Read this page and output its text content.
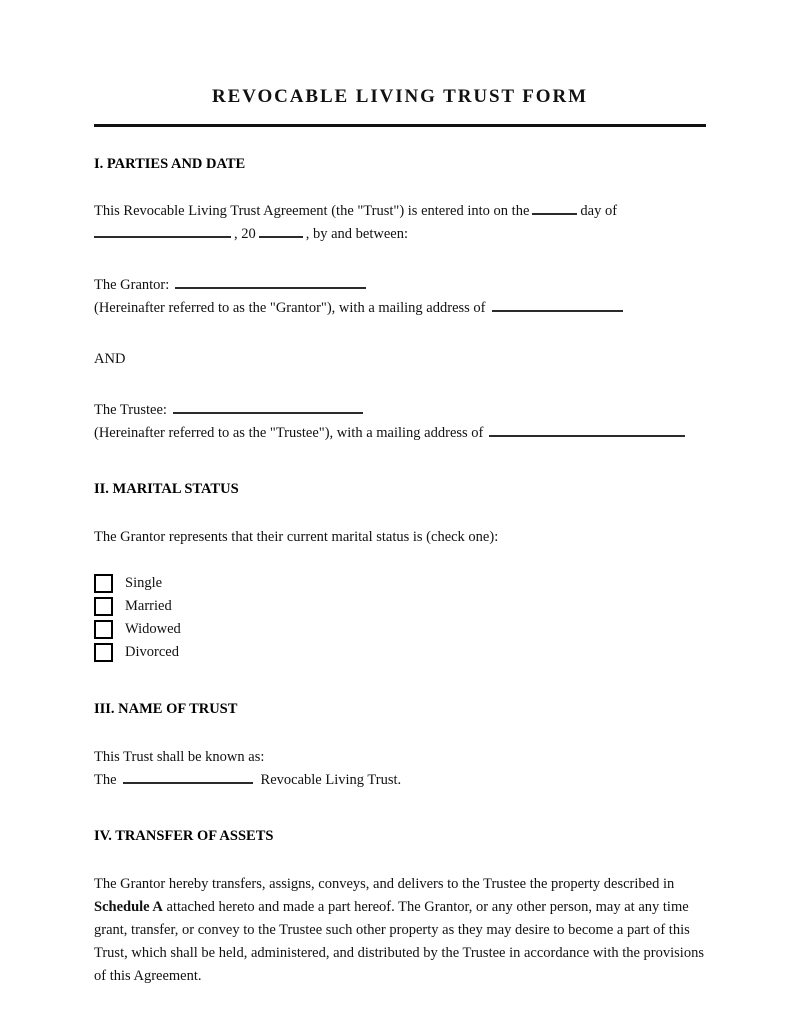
REVOCABLE LIVING TRUST FORM
I. PARTIES AND DATE
This Revocable Living Trust Agreement (the "Trust") is entered into on the	day of
, 20	, by and between:
The Grantor:
(Hereinafter referred to as the "Grantor"), with a mailing address of
AND
The Trustee:
(Hereinafter referred to as the "Trustee"), with a mailing address of
II. MARITAL STATUS
The Grantor represents that their current marital status is (check one):
Single
Married
Widowed
Divorced
III. NAME OF TRUST
This Trust shall be known as:
The	Revocable Living Trust.
IV. TRANSFER OF ASSETS
The Grantor hereby transfers, assigns, conveys, and delivers to the Trustee the property described in Schedule A attached hereto and made a part hereof. The Grantor, or any other person, may at any time grant, transfer, or convey to the Trustee such other property as they may desire to become a part of this Trust, which shall be held, administered, and distributed by the Trustee in accordance with the provisions of this Agreement.
